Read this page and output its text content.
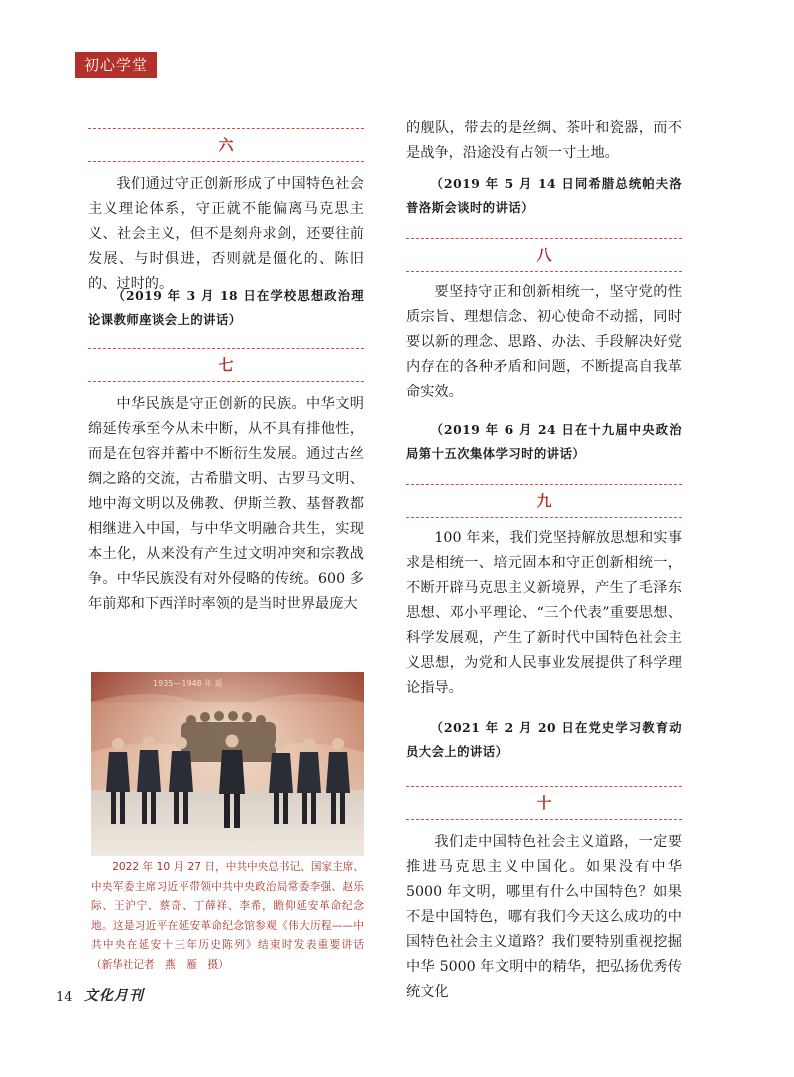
初心学堂
六

我们通过守正创新形成了中国特色社会主义理论体系，守正就不能偏离马克思主义、社会主义，但不是刻舟求剑，还要往前发展、与时俱进，否则就是僵化的、陈旧的、过时的。

（2019 年 3 月 18 日在学校思想政治理论课教师座谈会上的讲话）

七

中华民族是守正创新的民族。中华文明绵延传承至今从未中断，从不具有排他性，而是在包容并蓄中不断衍生发展。通过古丝绸之路的交流，古希腊文明、古罗马文明、地中海文明以及佛教、伊斯兰教、基督教都相继进入中国，与中华文明融合共生，实现本土化，从来没有产生过文明冲突和宗教战争。中华民族没有对外侵略的传统。600 多年前郑和下西洋时率领的是当时世界最庞大

2022 年 10 月 27 日，中共中央总书记、国家主席、中央军委主席习近平带领中共中央政治局常委李强、赵乐际、王沪宁、蔡奇、丁薛祥、李希，瞻仰延安革命纪念地。这是习近平在延安革命纪念馆参观《伟大历程——中共中央在延安十三年历史陈列》结束时发表重要讲话　　（新华社记者　燕　雁　摄）

的舰队，带去的是丝绸、茶叶和瓷器，而不是战争，沿途没有占领一寸土地。

（2019 年 5 月 14 日同希腊总统帕夫洛普洛斯会谈时的讲话）

八

要坚持守正和创新相统一，坚守党的性质宗旨、理想信念、初心使命不动摇，同时要以新的理念、思路、办法、手段解决好党内存在的各种矛盾和问题，不断提高自我革命实效。

（2019 年 6 月 24 日在十九届中央政治局第十五次集体学习时的讲话）

九

100 年来，我们党坚持解放思想和实事求是相统一、培元固本和守正创新相统一，不断开辟马克思主义新境界，产生了毛泽东思想、邓小平理论、“三个代表”重要思想、科学发展观，产生了新时代中国特色社会主义思想，为党和人民事业发展提供了科学理论指导。

（2021 年 2 月 20 日在党史学习教育动员大会上的讲话）

十

我们走中国特色社会主义道路，一定要推进马克思主义中国化。如果没有中华 5000 年文明，哪里有什么中国特色？如果不是中国特色，哪有我们今天这么成功的中国特色社会主义道路？我们要特别重视挖掘中华 5000 年文明中的精华，把弘扬优秀传统文化

14 文化月刊
